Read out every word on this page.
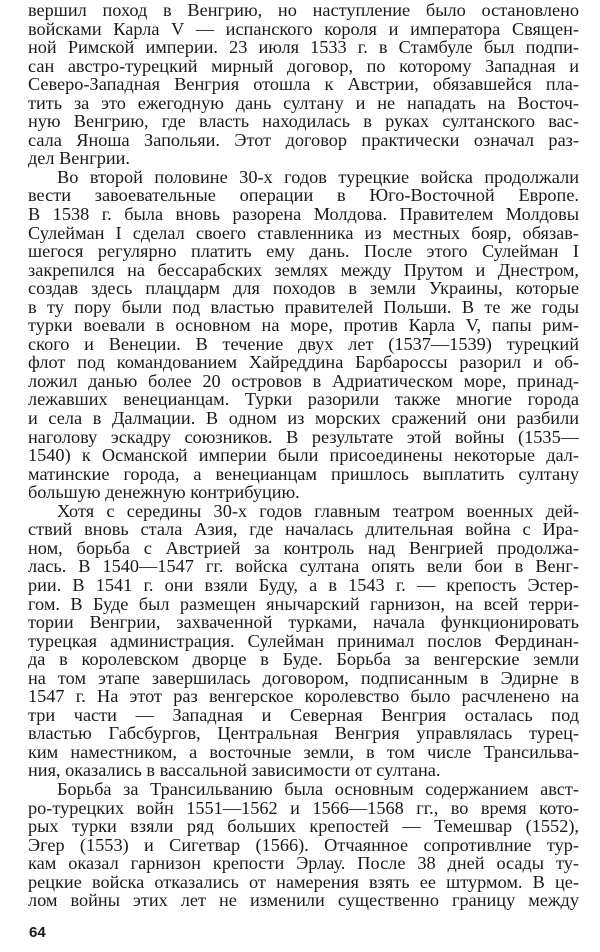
вершил поход в Венгрию, но наступление было остановлено
войсками Карла V — испанского короля и императора Священ-
ной Римской империи. 23 июля 1533 г. в Стамбуле был подпи-
сан австро-турецкий мирный договор, по которому Западная и
Северо-Западная Венгрия отошла к Австрии, обязавшейся пла-
тить за это ежегодную дань султану и не нападать на Восточ-
ную Венгрию, где власть находилась в руках султанского вас-
сала Яноша Запольяи. Этот договор практически означал раз-
дел Венгрии.
Во второй половине 30-х годов турецкие войска продолжали
вести завоевательные операции в Юго-Восточной Европе.
В 1538 г. была вновь разорена Молдова. Правителем Молдовы
Сулейман I сделал своего ставленника из местных бояр, обязав-
шегося регулярно платить ему дань. После этого Сулейман I
закрепился на бессарабских землях между Прутом и Днестром,
создав здесь плацдарм для походов в земли Украины, которые
в ту пору были под властью правителей Польши. В те же годы
турки воевали в основном на море, против Карла V, папы рим-
ского и Венеции. В течение двух лет (1537—1539) турецкий
флот под командованием Хайреддина Барбароссы разорил и об-
ложил данью более 20 островов в Адриатическом море, принад-
лежавших венецианцам. Турки разорили также многие города
и села в Далмации. В одном из морских сражений они разбили
наголову эскадру союзников. В результате этой войны (1535—
1540) к Османской империи были присоединены некоторые дал-
матинские города, а венецианцам пришлось выплатить султану
большую денежную контрибуцию.
Хотя с середины 30-х годов главным театром военных дей-
ствий вновь стала Азия, где началась длительная война с Ира-
ном, борьба с Австрией за контроль над Венгрией продолжа-
лась. В 1540—1547 гг. войска султана опять вели бои в Венг-
рии. В 1541 г. они взяли Буду, а в 1543 г. — крепость Эстер-
гом. В Буде был размещен янычарский гарнизон, на всей терри-
тории Венгрии, захваченной турками, начала функционировать
турецкая администрация. Сулейман принимал послов Фердинан-
да в королевском дворце в Буде. Борьба за венгерские земли
на том этапе завершилась договором, подписанным в Эдирне в
1547 г. На этот раз венгерское королевство было расчленено на
три части — Западная и Северная Венгрия осталась под
властью Габсбургов, Центральная Венгрия управлялась турец-
ким наместником, а восточные земли, в том числе Трансильва-
ния, оказались в вассальной зависимости от султана.
Борьба за Трансильванию была основным содержанием авст-
ро-турецких войн 1551—1562 и 1566—1568 гг., во время кото-
рых турки взяли ряд больших крепостей — Темешвар (1552),
Эгер (1553) и Сигетвар (1566). Отчаянное сопротивлние тур-
кам оказал гарнизон крепости Эрлау. После 38 дней осады ту-
рецкие войска отказались от намерения взять ее штурмом. В це-
лом войны этих лет не изменили существенно границу между
64
